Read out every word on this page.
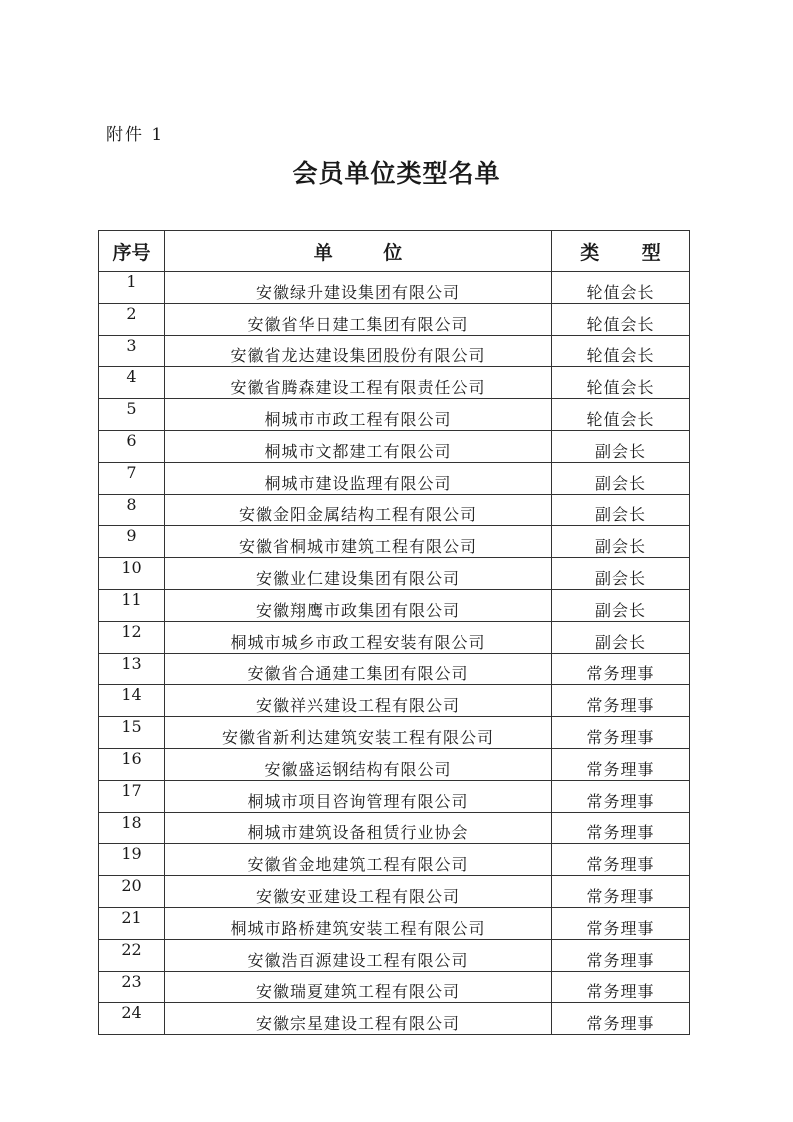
附件 1
会员单位类型名单
序号	单 位	类 型
1	安徽绿升建设集团有限公司	轮值会长
2	安徽省华日建工集团有限公司	轮值会长
3	安徽省龙达建设集团股份有限公司	轮值会长
4	安徽省腾森建设工程有限责任公司	轮值会长
5	桐城市市政工程有限公司	轮值会长
6	桐城市文都建工有限公司	副会长
7	桐城市建设监理有限公司	副会长
8	安徽金阳金属结构工程有限公司	副会长
9	安徽省桐城市建筑工程有限公司	副会长
10	安徽业仁建设集团有限公司	副会长
11	安徽翔鹰市政集团有限公司	副会长
12	桐城市城乡市政工程安装有限公司	副会长
13	安徽省合通建工集团有限公司	常务理事
14	安徽祥兴建设工程有限公司	常务理事
15	安徽省新利达建筑安装工程有限公司	常务理事
16	安徽盛运钢结构有限公司	常务理事
17	桐城市项目咨询管理有限公司	常务理事
18	桐城市建筑设备租赁行业协会	常务理事
19	安徽省金地建筑工程有限公司	常务理事
20	安徽安亚建设工程有限公司	常务理事
21	桐城市路桥建筑安装工程有限公司	常务理事
22	安徽浩百源建设工程有限公司	常务理事
23	安徽瑞夏建筑工程有限公司	常务理事
24	安徽宗星建设工程有限公司	常务理事
